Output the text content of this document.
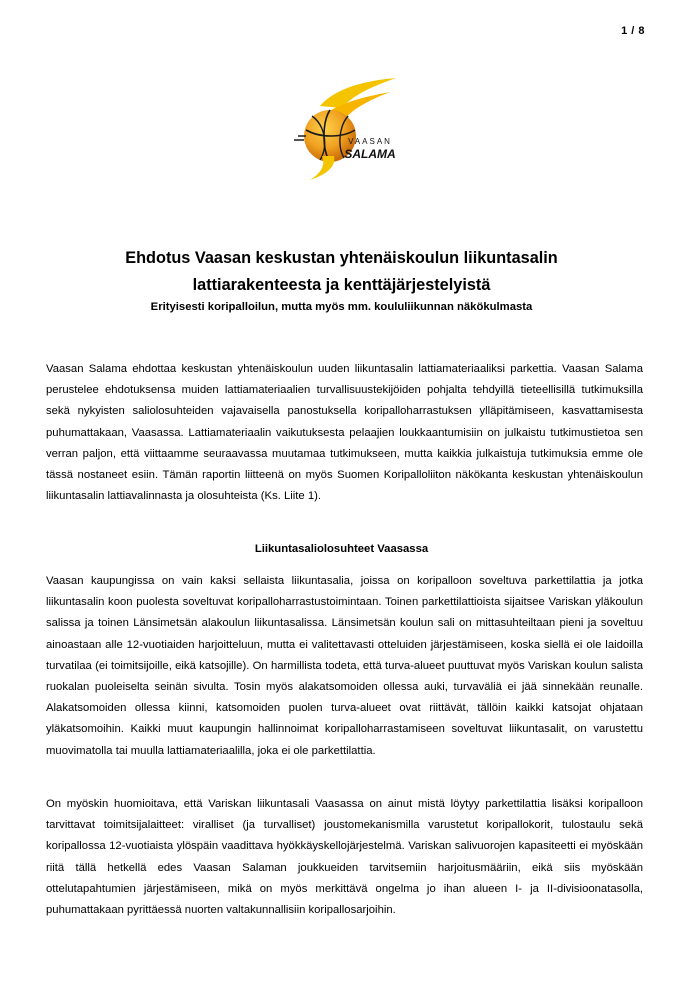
1 / 8
VAASAN
SALAMA
Ehdotus Vaasan keskustan yhtenäiskoulun liikuntasalin
lattiarakenteesta ja kenttäjärjestelyistä
Erityisesti koripalloilun, mutta myös mm. koululiikunnan näkökulmasta

Vaasan Salama ehdottaa keskustan yhtenäiskoulun uuden liikuntasalin lattiamateriaaliksi parkettia. Vaasan Salama perustelee ehdotuksensa muiden lattiamateriaalien turvallisuustekijöiden pohjalta tehdyillä tieteellisillä tutkimuksilla sekä nykyisten saliolosuhteiden vajavaisella panostuksella koripalloharrastuksen ylläpitämiseen, kasvattamisesta puhumattakaan, Vaasassa. Lattiamateriaalin vaikutuksesta pelaajien loukkaantumisiin on julkaistu tutkimustietoa sen verran paljon, että viittaamme seuraavassa muutamaa tutkimukseen, mutta kaikkia julkaistuja tutkimuksia emme ole tässä nostaneet esiin. Tämän raportin liitteenä on myös Suomen Koripalloliiton näkökanta keskustan yhtenäiskoulun liikuntasalin lattiavalinnasta ja olosuhteista (Ks. Liite 1).

Liikuntasaliolosuhteet Vaasassa

Vaasan kaupungissa on vain kaksi sellaista liikuntasalia, joissa on koripalloon soveltuva parkettilattia ja jotka liikuntasalin koon puolesta soveltuvat koripalloharrastustoimintaan. Toinen parkettilattioista sijaitsee Variskan yläkoulun salissa ja toinen Länsimetsän alakoulun liikuntasalissa. Länsimetsän koulun sali on mittasuhteiltaan pieni ja soveltuu ainoastaan alle 12-vuotiaiden harjoitteluun, mutta ei valitettavasti otteluiden järjestämiseen, koska siellä ei ole laidoilla turvatilaa (ei toimitsijoille, eikä katsojille). On harmillista todeta, että turva-alueet puuttuvat myös Variskan koulun salista ruokalan puoleiselta seinän sivulta. Tosin myös alakatsomoiden ollessa auki, turvaväliä ei jää sinnekään reunalle. Alakatsomoiden ollessa kiinni, katsomoiden puolen turva-alueet ovat riittävät, tällöin kaikki katsojat ohjataan yläkatsomoihin. Kaikki muut kaupungin hallinnoimat koripalloharrastamiseen soveltuvat liikuntasalit, on varustettu muovimatolla tai muulla lattiamateriaalilla, joka ei ole parkettilattia.

On myöskin huomioitava, että Variskan liikuntasali Vaasassa on ainut mistä löytyy parkettilattia lisäksi koripalloon tarvittavat toimitsijalaitteet: viralliset (ja turvalliset) joustomekanismilla varustetut koripallokorit, tulostaulu sekä koripallossa 12-vuotiaista ylöspäin vaadittava hyökkäyskellojärjestelmä. Variskan salivuorojen kapasiteetti ei myöskään riitä tällä hetkellä edes Vaasan Salaman joukkueiden tarvitsemiin harjoitusmääriin, eikä siis myöskään ottelutapahtumien järjestämiseen, mikä on myös merkittävä ongelma jo ihan alueen I- ja II-divisioonatasolla, puhumattakaan pyrittäessä nuorten valtakunnallisiin koripallosarjoihin.
